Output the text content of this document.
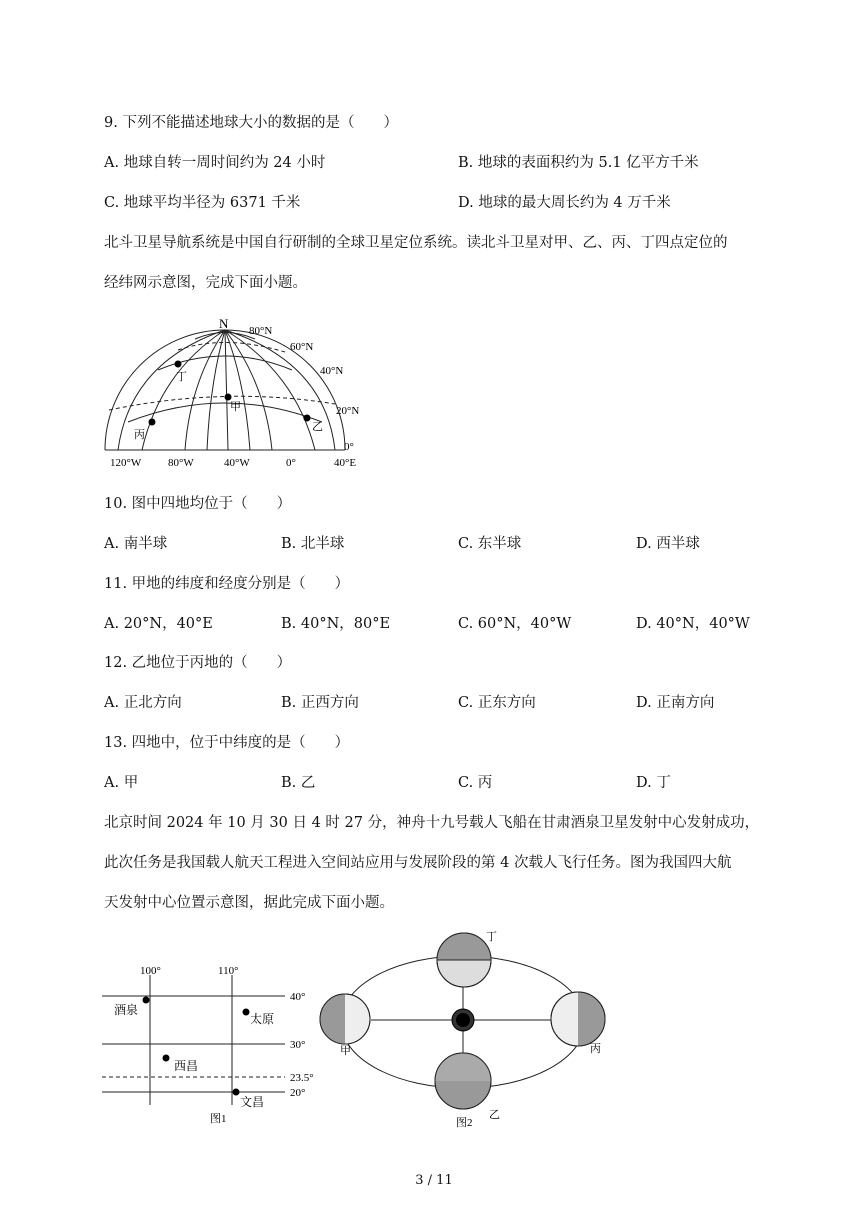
9. 下列不能描述地球大小的数据的是（　　）
A. 地球自转一周时间约为 24 小时	B. 地球的表面积约为 5.1 亿平方千米
C. 地球平均半径为 6371 千米	D. 地球的最大周长约为 4 万千米
北斗卫星导航系统是中国自行研制的全球卫星定位系统。读北斗卫星对甲、乙、丙、丁四点定位的
经纬网示意图，完成下面小题。
N 80°N
60°N
40°N
20°N
0°
120°W 80°W	40°W	0°	40°E
丁
甲
丙
乙
10. 图中四地均位于（　　）
A. 南半球	B. 北半球	C. 东半球	D. 西半球
11. 甲地的纬度和经度分别是（　　）
A. 20°N，40°E	B. 40°N，80°E	C. 60°N，40°W	D. 40°N，40°W
12. 乙地位于丙地的（　　）
A. 正北方向	B. 正西方向	C. 正东方向	D. 正南方向
13. 四地中，位于中纬度的是（　　）
A. 甲	B. 乙	C. 丙	D. 丁
北京时间 2024 年 10 月 30 日 4 时 27 分，神舟十九号载人飞船在甘肃酒泉卫星发射中心发射成功，
此次任务是我国载人航天工程进入空间站应用与发展阶段的第 4 次载人飞行任务。图为我国四大航
天发射中心位置示意图，据此完成下面小题。
100°	110°
40°
30°
23.5°
20°
酒泉
太原
西昌
文昌
图1
甲
乙
丙
丁
图2
3 / 11
